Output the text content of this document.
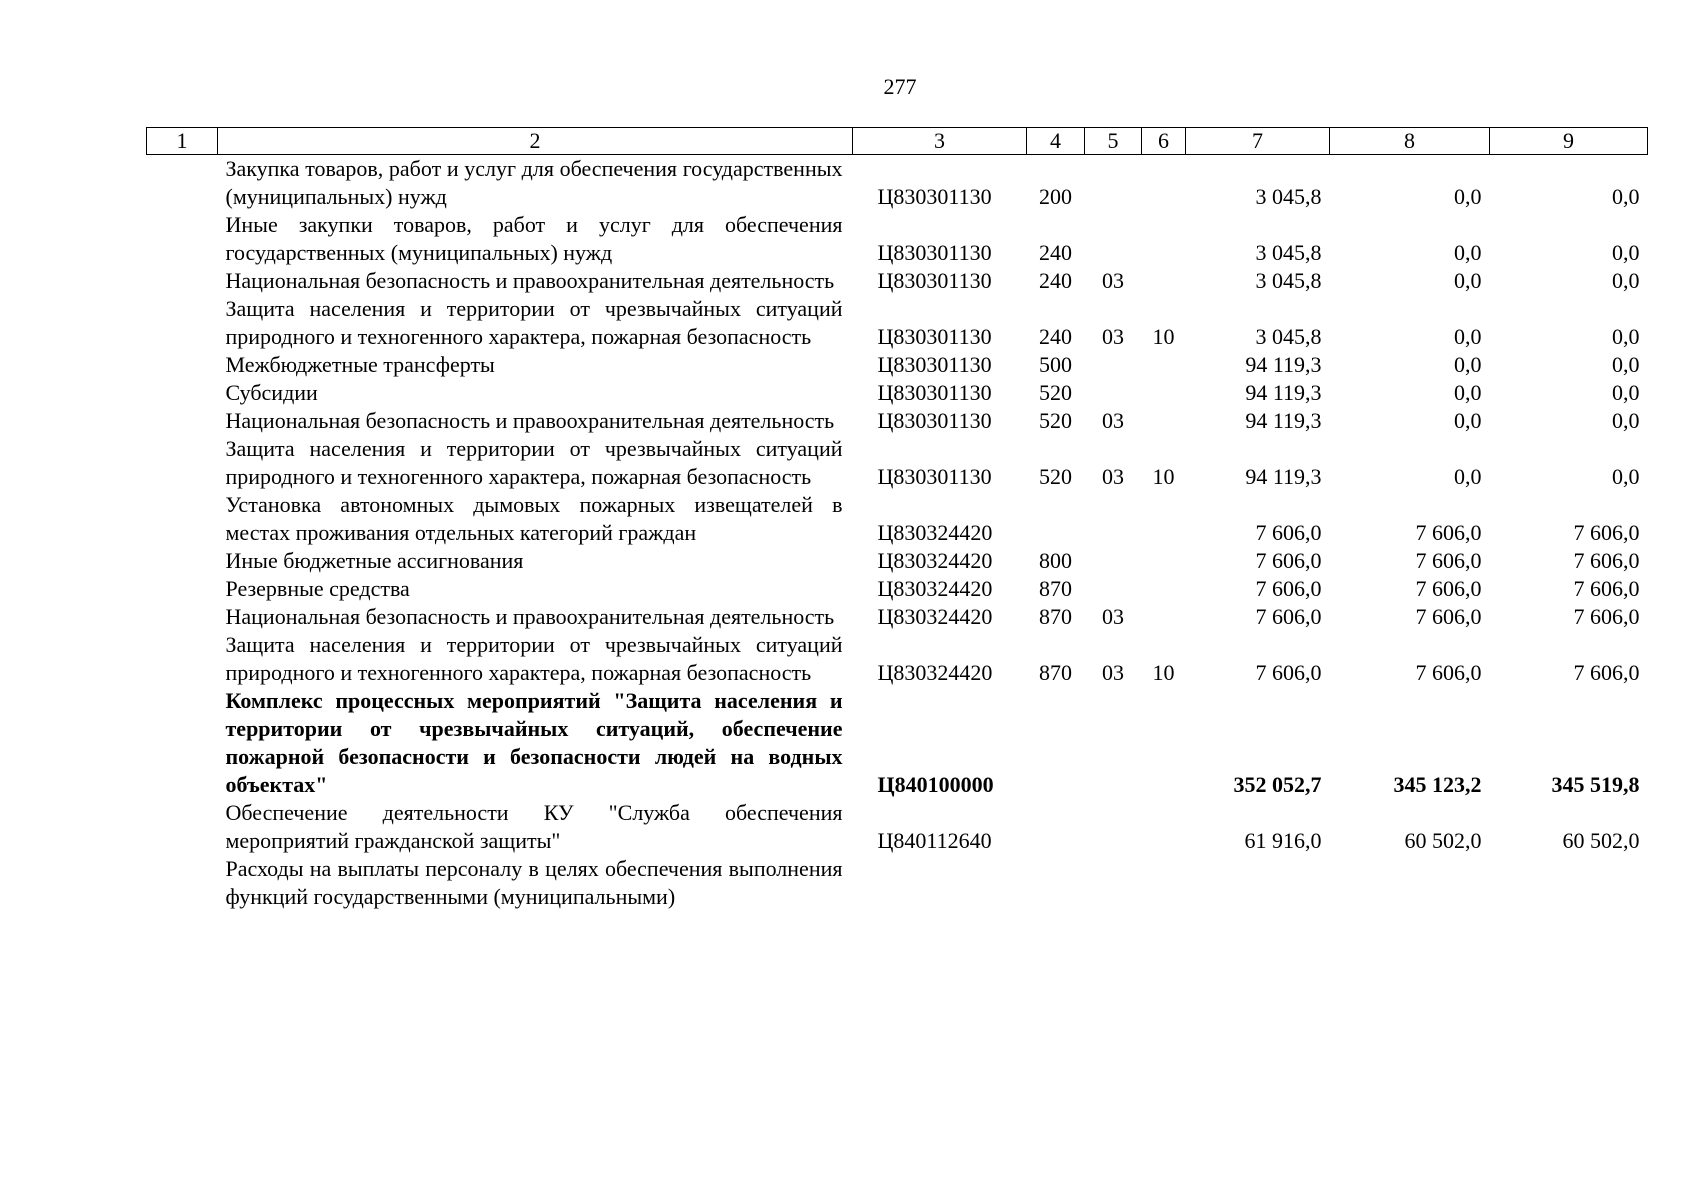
277
1	2	3	4	5	6	7	8	9
	Закупка товаров, работ и услуг для обеспечения государственных (муниципальных) нужд	Ц830301130	200			3 045,8	0,0	0,0
	Иные закупки товаров, работ и услуг для обеспечения государственных (муниципальных) нужд	Ц830301130	240			3 045,8	0,0	0,0
	Национальная безопасность и правоохранительная деятельность	Ц830301130	240	03		3 045,8	0,0	0,0
	Защита населения и территории от чрезвычайных ситуаций природного и техногенного характера, пожарная безопасность	Ц830301130	240	03	10	3 045,8	0,0	0,0
	Межбюджетные трансферты	Ц830301130	500			94 119,3	0,0	0,0
	Субсидии	Ц830301130	520			94 119,3	0,0	0,0
	Национальная безопасность и правоохранительная деятельность	Ц830301130	520	03		94 119,3	0,0	0,0
	Защита населения и территории от чрезвычайных ситуаций природного и техногенного характера, пожарная безопасность	Ц830301130	520	03	10	94 119,3	0,0	0,0
	Установка автономных дымовых пожарных извещателей в местах проживания отдельных категорий граждан	Ц830324420				7 606,0	7 606,0	7 606,0
	Иные бюджетные ассигнования	Ц830324420	800			7 606,0	7 606,0	7 606,0
	Резервные средства	Ц830324420	870			7 606,0	7 606,0	7 606,0
	Национальная безопасность и правоохранительная деятельность	Ц830324420	870	03		7 606,0	7 606,0	7 606,0
	Защита населения и территории от чрезвычайных ситуаций природного и техногенного характера, пожарная безопасность	Ц830324420	870	03	10	7 606,0	7 606,0	7 606,0
	Комплекс процессных мероприятий "Защита населения и территории от чрезвычайных ситуаций, обеспечение пожарной безопасности и безопасности людей на водных объектах"	Ц840100000				352 052,7	345 123,2	345 519,8
	Обеспечение деятельности КУ "Служба обеспечения мероприятий гражданской защиты"	Ц840112640				61 916,0	60 502,0	60 502,0
	Расходы на выплаты персоналу в целях обеспечения выполнения функций государственными (муниципальными)							
